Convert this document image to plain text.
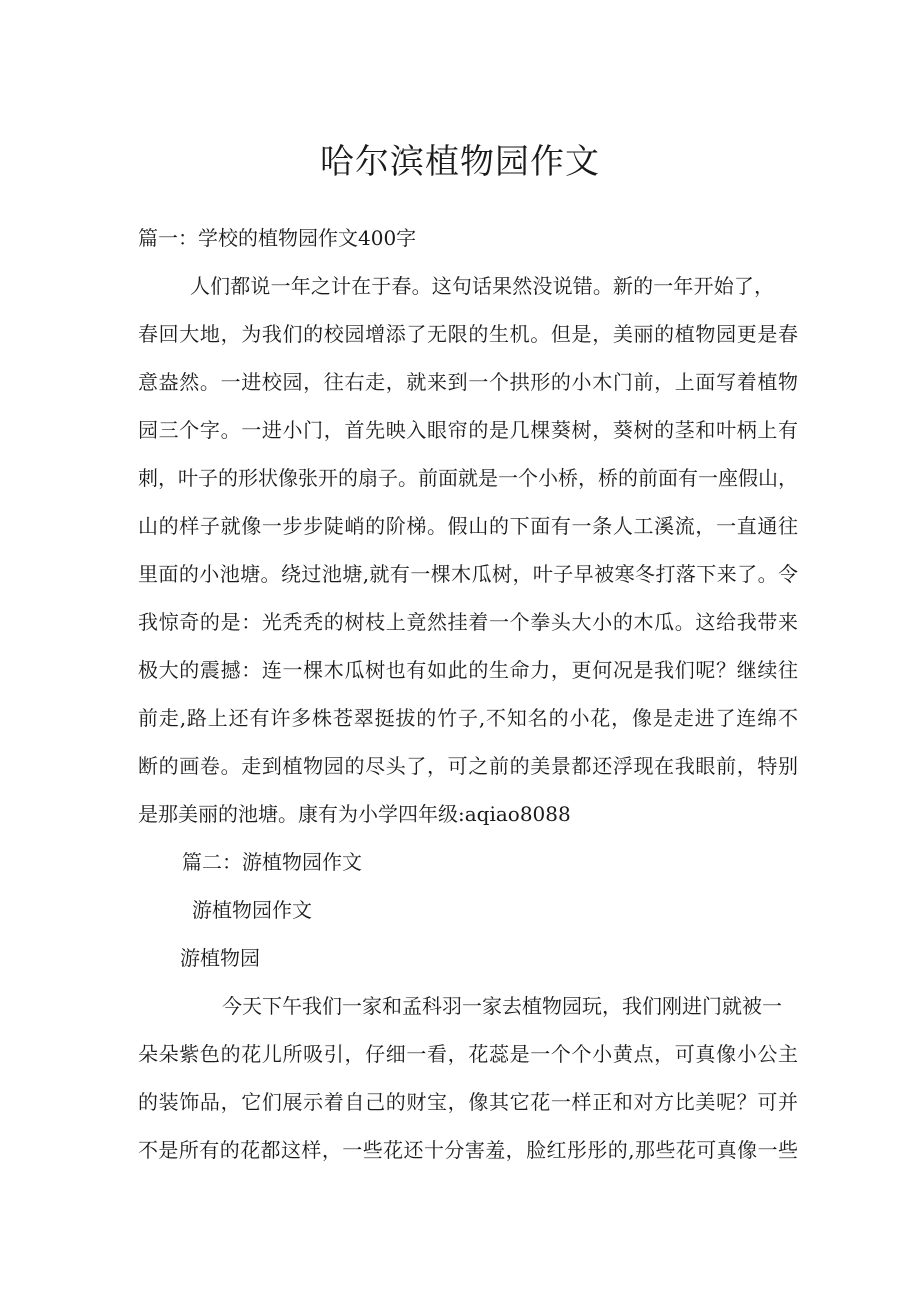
哈尔滨植物园作文
篇一：学校的植物园作文400字
人们都说一年之计在于春。这句话果然没说错。新的一年开始了，
春回大地，为我们的校园增添了无限的生机。但是，美丽的植物园更是春
意盎然。一进校园，往右走，就来到一个拱形的小木门前，上面写着植物
园三个字。一进小门，首先映入眼帘的是几棵葵树，葵树的茎和叶柄上有
刺，叶子的形状像张开的扇子。前面就是一个小桥，桥的前面有一座假山，
山的样子就像一步步陡峭的阶梯。假山的下面有一条人工溪流，一直通往
里面的小池塘。绕过池塘,就有一棵木瓜树，叶子早被寒冬打落下来了。令
我惊奇的是：光秃秃的树枝上竟然挂着一个拳头大小的木瓜。这给我带来
极大的震撼：连一棵木瓜树也有如此的生命力，更何况是我们呢？继续往
前走,路上还有许多株苍翠挺拔的竹子,不知名的小花，像是走进了连绵不
断的画卷。走到植物园的尽头了，可之前的美景都还浮现在我眼前，特别
是那美丽的池塘。康有为小学四年级:aqiao8088
篇二：游植物园作文
游植物园作文
游植物园
今天下午我们一家和孟科羽一家去植物园玩，我们刚进门就被一
朵朵紫色的花儿所吸引，仔细一看，花蕊是一个个小黄点，可真像小公主
的装饰品，它们展示着自己的财宝，像其它花一样正和对方比美呢？可并
不是所有的花都这样，一些花还十分害羞，脸红彤彤的,那些花可真像一些
